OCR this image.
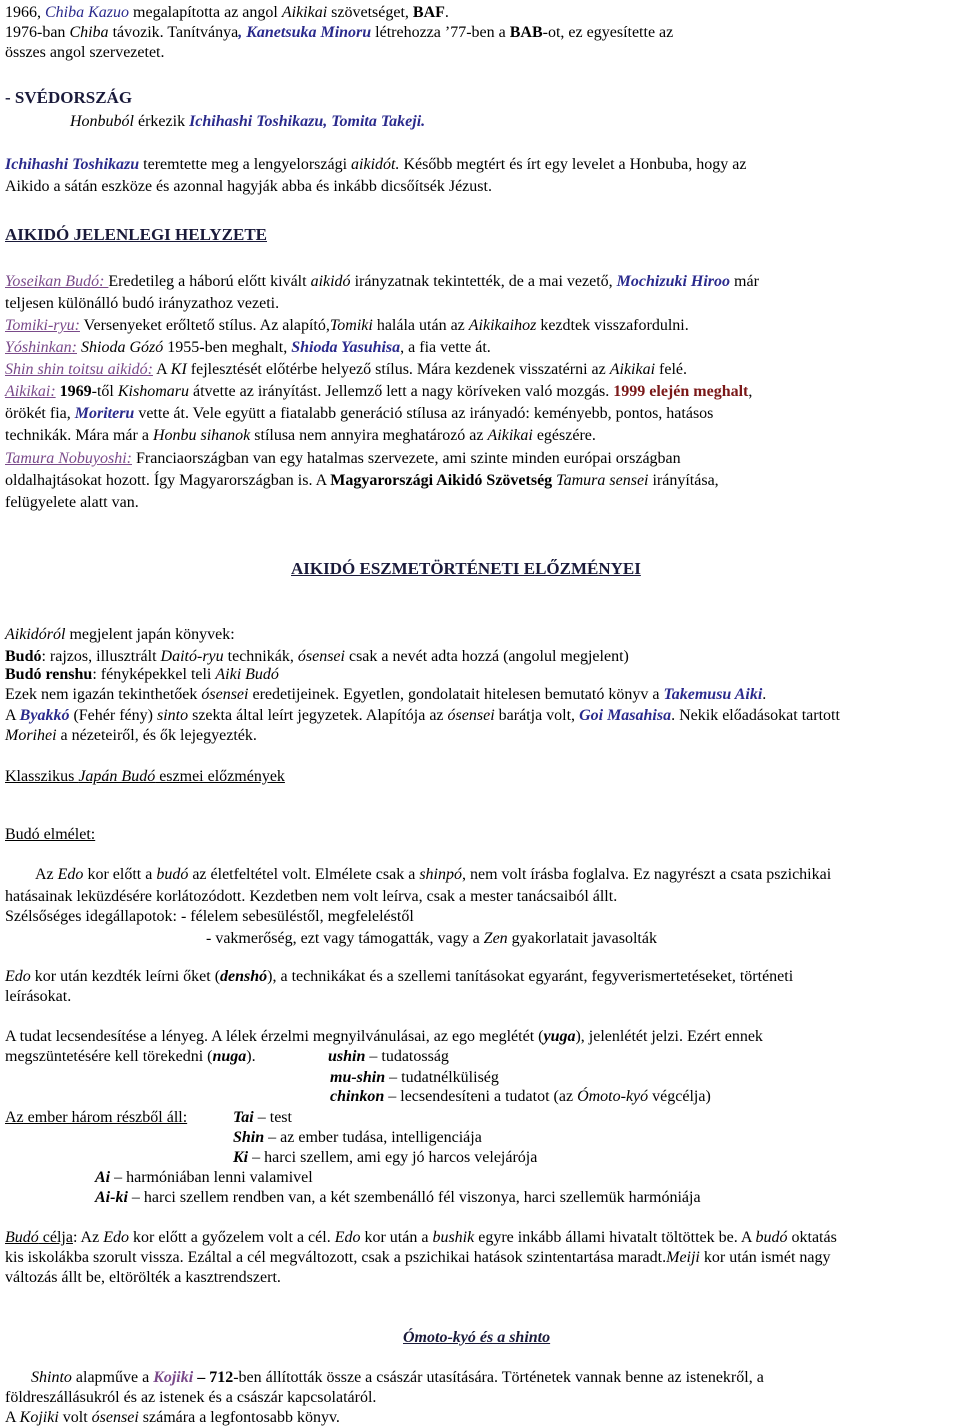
1966, Chiba Kazuo megalapította az angol Aikikai szövetséget, BAF.
1976-ban Chiba távozik. Tanítványa, Kanetsuka Minoru létrehozza ’77-ben a BAB-ot, ez egyesítette az
összes angol szervezetet.
- SVÉDORSZÁG
Honbuból érkezik Ichihashi Toshikazu, Tomita Takeji.
Ichihashi Toshikazu teremtette meg a lengyelországi aikidót. Később megtért és írt egy levelet a Honbuba, hogy az
Aikido a sátán eszköze és azonnal hagyják abba és inkább dicsőítsék Jézust.
AIKIDÓ JELENLEGI HELYZETE
Yoseikan Budó: Eredetileg a háború előtt kivált aikidó irányzatnak tekintették, de a mai vezető, Mochizuki Hiroo már
teljesen különálló budó irányzathoz vezeti.
Tomiki-ryu: Versenyeket erőltető stílus. Az alapító,Tomiki halála után az Aikikaihoz kezdtek visszafordulni.
Yóshinkan: Shioda Gózó 1955-ben meghalt, Shioda Yasuhisa, a fia vette át.
Shin shin toitsu aikidó: A KI fejlesztését előtérbe helyező stílus. Mára kezdenek visszatérni az Aikikai felé.
Aikikai: 1969-től Kishomaru átvette az irányítást. Jellemző lett a nagy köríveken való mozgás. 1999 elején meghalt,
örökét fia, Moriteru vette át. Vele együtt a fiatalabb generáció stílusa az irányadó: keményebb, pontos, hatásos
technikák. Mára már a Honbu sihanok stílusa nem annyira meghatározó az Aikikai egészére.
Tamura Nobuyoshi: Franciaországban van egy hatalmas szervezete, ami szinte minden európai országban
oldalhajtásokat hozott. Így Magyarországban is. A Magyarországi Aikidó Szövetség Tamura sensei irányítása,
felügyelete alatt van.
AIKIDÓ ESZMETÖRTÉNETI ELŐZMÉNYEI
Aikidóról megjelent japán könyvek:
Budó: rajzos, illusztrált Daitó-ryu technikák, ósensei csak a nevét adta hozzá (angolul megjelent)
Budó renshu: fényképekkel teli Aiki Budó
Ezek nem igazán tekinthetőek ósensei eredetijeinek. Egyetlen, gondolatait hitelesen bemutató könyv a Takemusu Aiki.
A Byakkó (Fehér fény) sinto szekta által leírt jegyzetek. Alapítója az ósensei barátja volt, Goi Masahisa. Nekik előadásokat tartott
Morihei a nézeteiről, és ők lejegyezték.
Klasszikus Japán Budó eszmei előzmények
Budó elmélet:
Az Edo kor előtt a budó az életfeltétel volt. Elmélete csak a shinpó, nem volt írásba foglalva. Ez nagyrészt a csata pszichikai
hatásainak leküzdésére korlátozódott. Kezdetben nem volt leírva, csak a mester tanácsaiból állt.
Szélsőséges idegállapotok: - félelem sebesüléstől, megfeleléstől
- vakmerőség, ezt vagy támogatták, vagy a Zen gyakorlatait javasolták
Edo kor után kezdték leírni őket (denshó), a technikákat és a szellemi tanításokat egyaránt, fegyverismertetéseket, történeti
leírásokat.
A tudat lecsendesítése a lényeg. A lélek érzelmi megnyilvánulásai, az ego meglétét (yuga), jelenlétét jelzi. Ezért ennek
megszüntetésére kell törekedni (nuga).	ushin – tudatosság
mu-shin – tudatnélküliség
chinkon – lecsendesíteni a tudatot (az Ómoto-kyó végcélja)
Az ember három részből áll:	Tai – test
Shin – az ember tudása, intelligenciája
Ki – harci szellem, ami egy jó harcos velejárója
Ai – harmóniában lenni valamivel
Ai-ki – harci szellem rendben van, a két szembenálló fél viszonya, harci szellemük harmóniája
Budó célja: Az Edo kor előtt a győzelem volt a cél. Edo kor után a bushik egyre inkább állami hivatalt töltöttek be. A budó oktatás
kis iskolákba szorult vissza. Ezáltal a cél megváltozott, csak a pszichikai hatások szintentartása maradt.Meiji kor után ismét nagy
változás állt be, eltörölték a kasztrendszert.
Ómoto-kyó és a shinto
Shinto alapműve a Kojiki – 712-ben állították össze a császár utasítására. Történetek vannak benne az istenekről, a
földreszállásukról és az istenek és a császár kapcsolatáról.
A Kojiki volt ósensei számára a legfontosabb könyv.
